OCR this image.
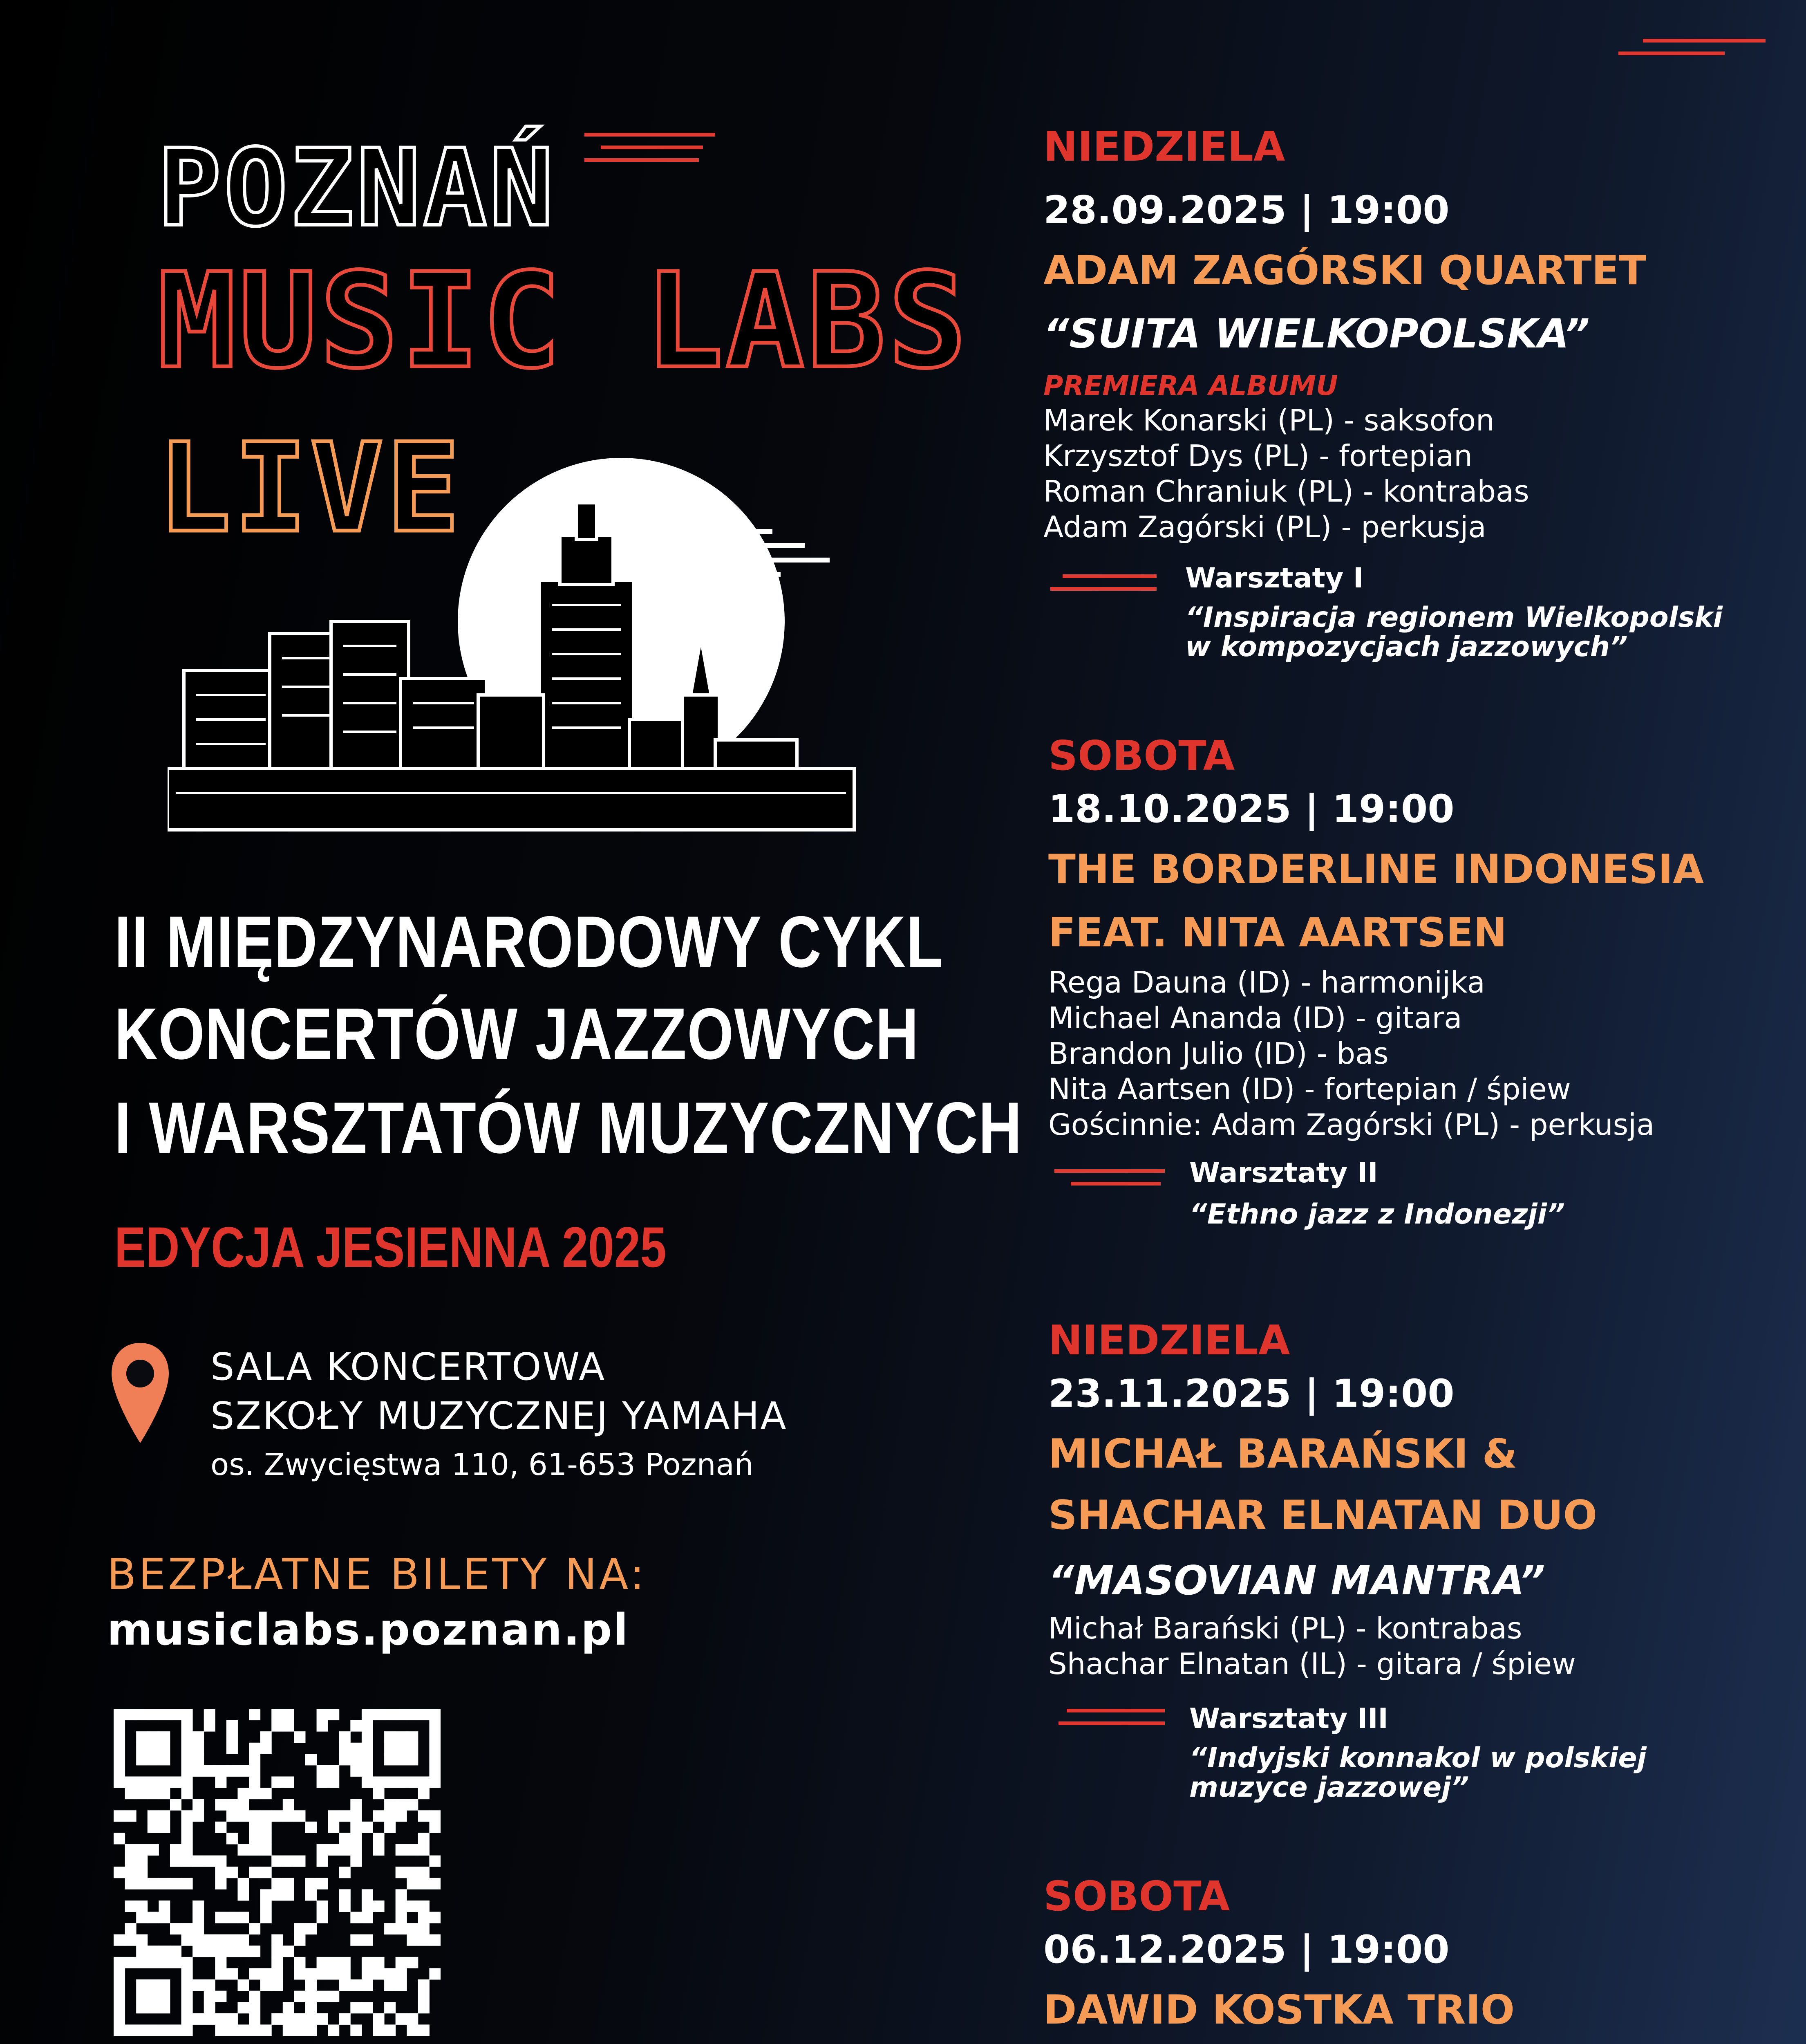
POZNAŃ
MUSIC LABS
LIVE
II MIĘDZYNARODOWY CYKL
KONCERTÓW JAZZOWYCH
I WARSZTATÓW MUZYCZNYCH
EDYCJA JESIENNA 2025
SALA KONCERTOWA
SZKOŁY MUZYCZNEJ YAMAHA
os. Zwycięstwa 110, 61-653 Poznań
BEZPŁATNE BILETY NA:
musiclabs.poznan.pl
NIEDZIELA
28.09.2025 | 19:00
ADAM ZAGÓRSKI QUARTET
“SUITA WIELKOPOLSKA”
PREMIERA ALBUMU
Marek Konarski (PL) - saksofon
Krzysztof Dys (PL) - fortepian
Roman Chraniuk (PL) - kontrabas
Adam Zagórski (PL) - perkusja
Warsztaty I
“Inspiracja regionem Wielkopolski
w kompozycjach jazzowych”
SOBOTA
18.10.2025 | 19:00
THE BORDERLINE INDONESIA
FEAT. NITA AARTSEN
Rega Dauna (ID) - harmonijka
Michael Ananda (ID) - gitara
Brandon Julio (ID) - bas
Nita Aartsen (ID) - fortepian / śpiew
Gościnnie: Adam Zagórski (PL) - perkusja
Warsztaty II
“Ethno jazz z Indonezji”
NIEDZIELA
23.11.2025 | 19:00
MICHAŁ BARAŃSKI &
SHACHAR ELNATAN DUO
“MASOVIAN MANTRA”
Michał Barański (PL) - kontrabas
Shachar Elnatan (IL) - gitara / śpiew
Warsztaty III
“Indyjski konnakol w polskiej
muzyce jazzowej”
SOBOTA
06.12.2025 | 19:00
DAWID KOSTKA TRIO
